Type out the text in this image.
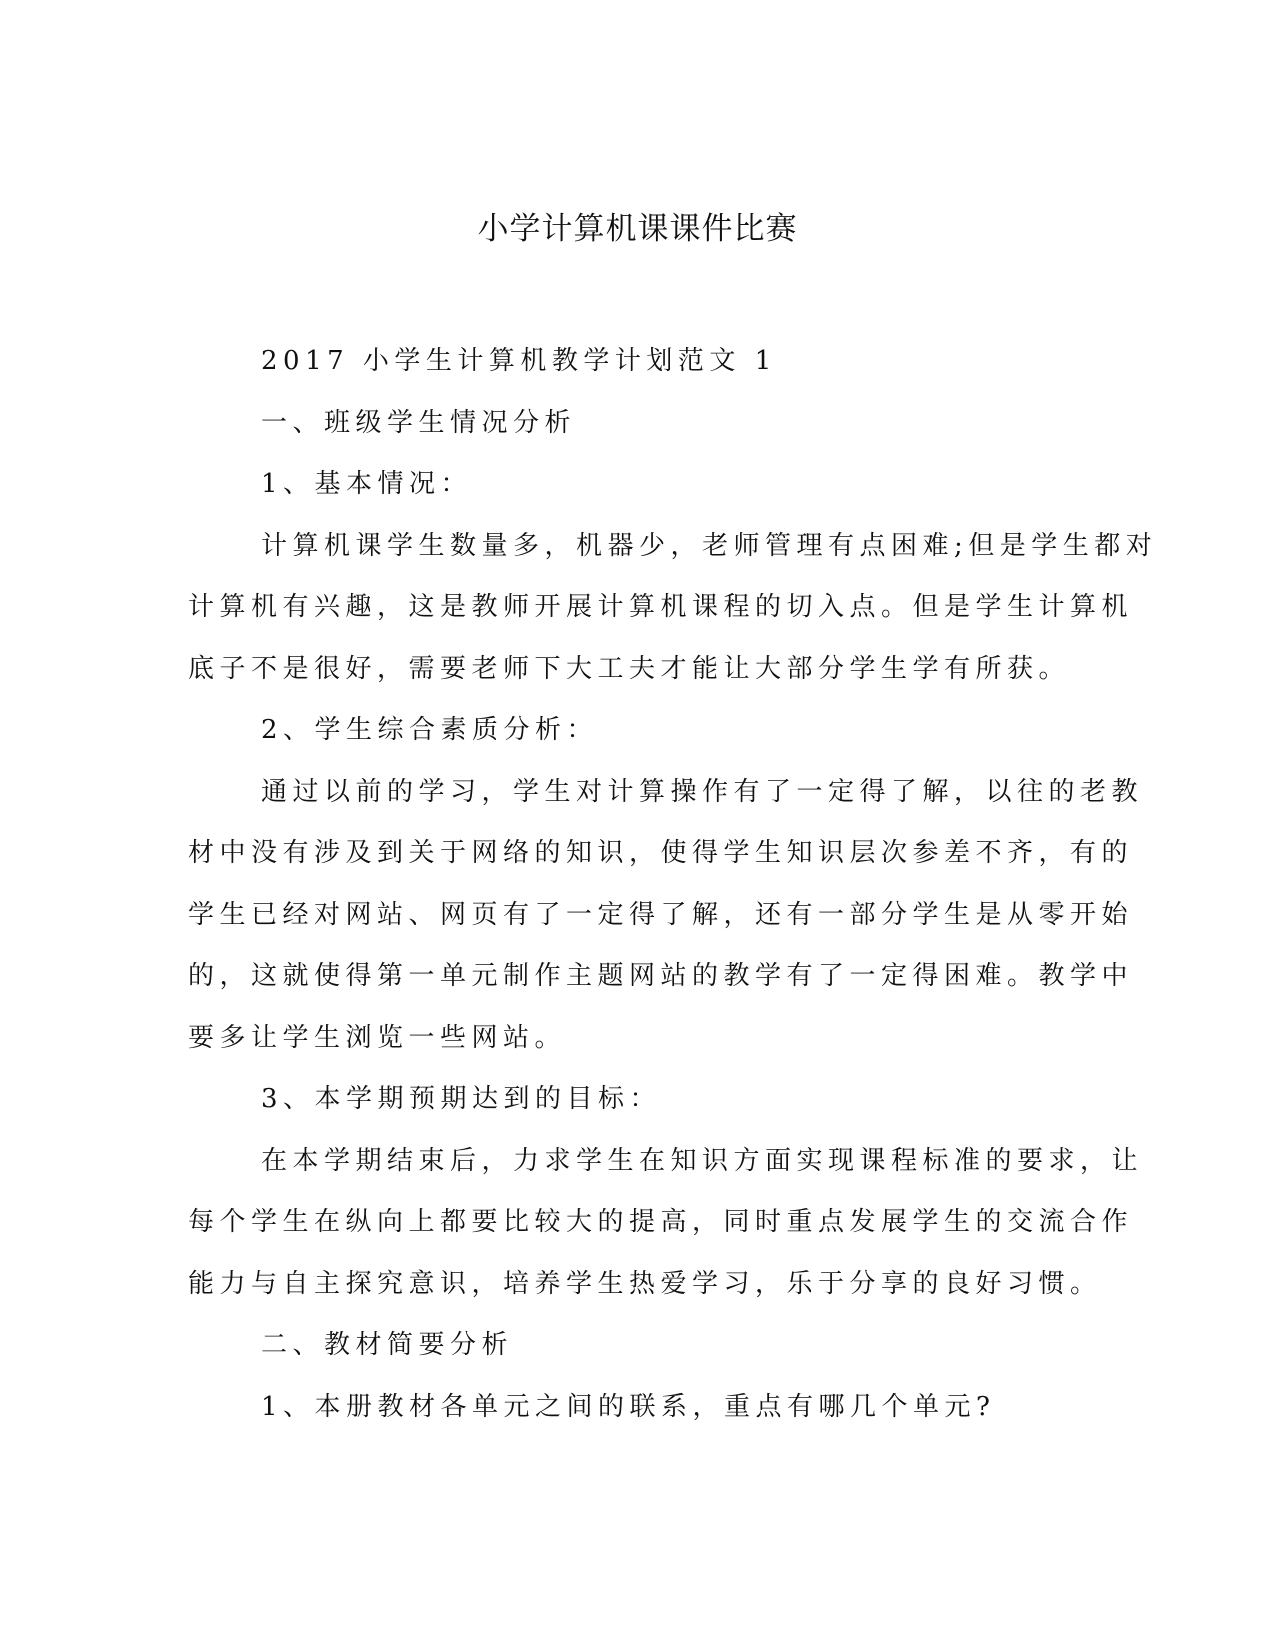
小学计算机课课件比赛
2017 小学生计算机教学计划范文 1
一、班级学生情况分析
1、基本情况：
计算机课学生数量多，机器少，老师管理有点困难;但是学生都对
计算机有兴趣，这是教师开展计算机课程的切入点。但是学生计算机
底子不是很好，需要老师下大工夫才能让大部分学生学有所获。
2、学生综合素质分析：
通过以前的学习，学生对计算操作有了一定得了解，以往的老教
材中没有涉及到关于网络的知识，使得学生知识层次参差不齐，有的
学生已经对网站、网页有了一定得了解，还有一部分学生是从零开始
的，这就使得第一单元制作主题网站的教学有了一定得困难。教学中
要多让学生浏览一些网站。
3、本学期预期达到的目标：
在本学期结束后，力求学生在知识方面实现课程标准的要求，让
每个学生在纵向上都要比较大的提高，同时重点发展学生的交流合作
能力与自主探究意识，培养学生热爱学习，乐于分享的良好习惯。
二、教材简要分析
1、本册教材各单元之间的联系，重点有哪几个单元?
